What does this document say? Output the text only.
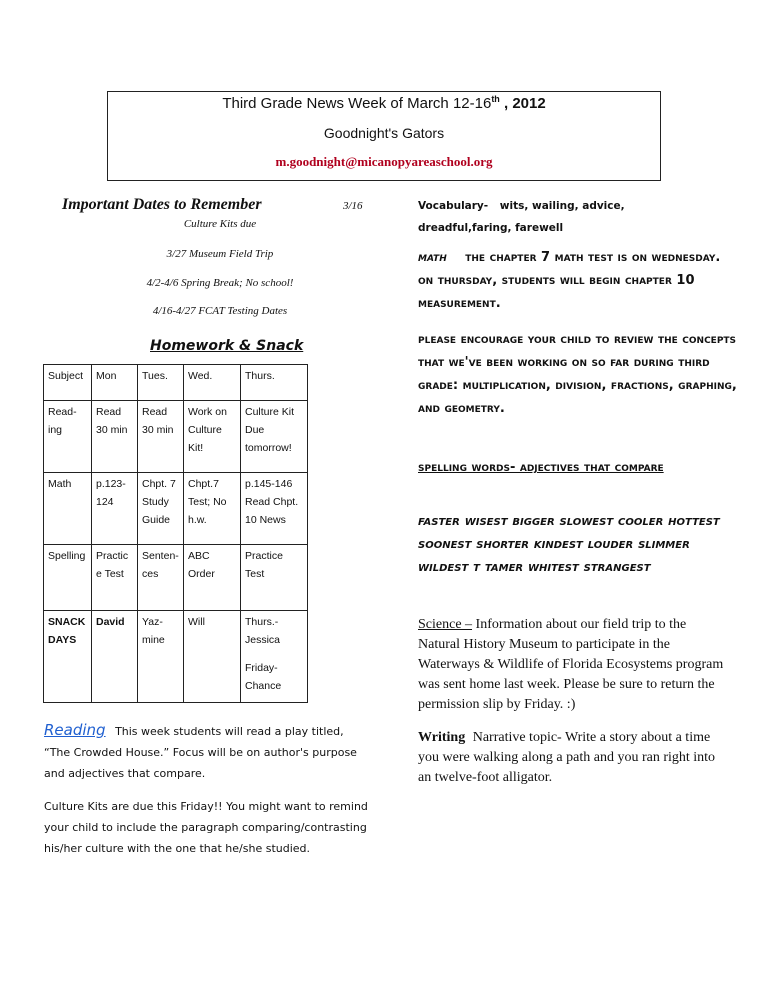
Third Grade News Week of March 12-16th , 2012
Goodnight's Gators
m.goodnight@micanopyareaschool.org
Important Dates to Remember	3/16
Culture Kits due
3/27 Museum Field Trip
4/2-4/6 Spring Break; No school!
4/16-4/27 FCAT Testing Dates
Homework & Snack
Subject	Mon	Tues.	Wed.	Thurs.
Read-ing	Read 30 min	Read 30 min	Work on Culture Kit!	Culture Kit Due tomorrow!
Math	p.123-124	Chpt. 7 Study Guide	Chpt.7 Test; No h.w.	p.145-146 Read Chpt. 10 News
Spelling	Practic e Test	Senten-ces	ABC Order	Practice Test
SNACK DAYS	David	Yaz-mine	Will	Thurs.- Jessica
Friday- Chance
Reading This week students will read a play titled, “The Crowded House.” Focus will be on author's purpose and adjectives that compare.
Culture Kits are due this Friday!! You might want to remind your child to include the paragraph comparing/contrasting his/her culture with the one that he/she studied.
Vocabulary- wits, wailing, advice, dreadful,faring, farewell
math the chapter 7 math test is on wednesday. on thursday, students will begin chapter 10 measurement.
please encourage your child to review the concepts that we've been working on so far during third grade: multiplication, division, fractions, graphing, and geometry.
spelling words- adjectives that compare
faster wisest bigger slowest cooler hottest soonest shorter kindest louder slimmer wildest t tamer whitest strangest
Science – Information about our field trip to the Natural History Museum to participate in the Waterways & Wildlife of Florida Ecosystems program was sent home last week. Please be sure to return the permission slip by Friday. :)
Writing Narrative topic- Write a story about a time you were walking along a path and you ran right into an twelve-foot alligator.
